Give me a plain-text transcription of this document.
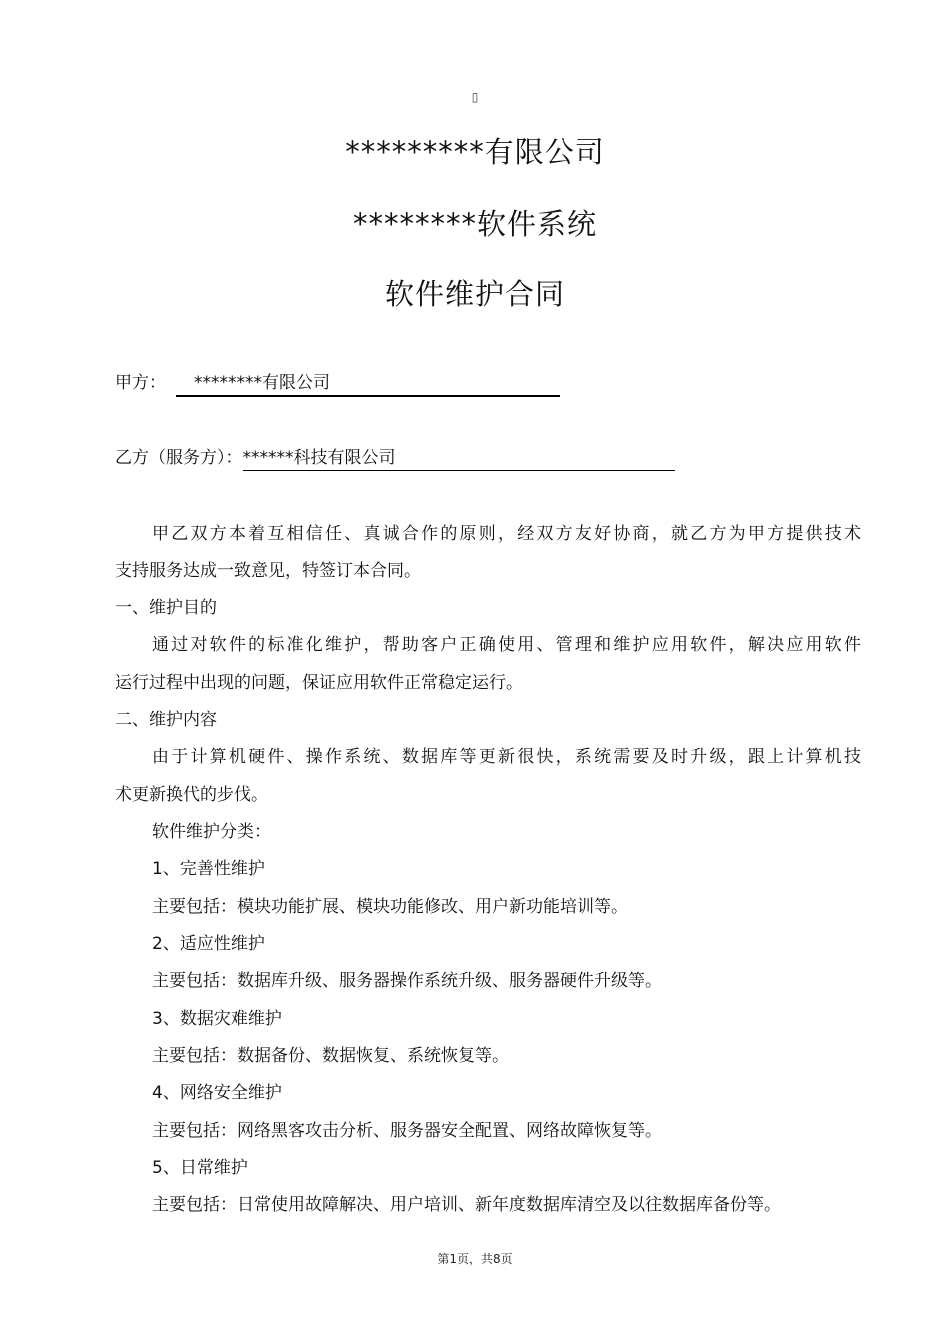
▯
*********有限公司
********软件系统
软件维护合同
甲方： ********有限公司
乙方（服务方）：******科技有限公司
甲乙双方本着互相信任、真诚合作的原则，经双方友好协商，就乙方为甲方提供技术
支持服务达成一致意见，特签订本合同。
一、维护目的
通过对软件的标准化维护，帮助客户正确使用、管理和维护应用软件，解决应用软件
运行过程中出现的问题，保证应用软件正常稳定运行。
二、维护内容
由于计算机硬件、操作系统、数据库等更新很快，系统需要及时升级，跟上计算机技
术更新换代的步伐。
软件维护分类：
1、完善性维护
主要包括：模块功能扩展、模块功能修改、用户新功能培训等。
2、适应性维护
主要包括：数据库升级、服务器操作系统升级、服务器硬件升级等。
3、数据灾难维护
主要包括：数据备份、数据恢复、系统恢复等。
4、网络安全维护
主要包括：网络黑客攻击分析、服务器安全配置、网络故障恢复等。
5、日常维护
主要包括：日常使用故障解决、用户培训、新年度数据库清空及以往数据库备份等。
第1页，共8页
